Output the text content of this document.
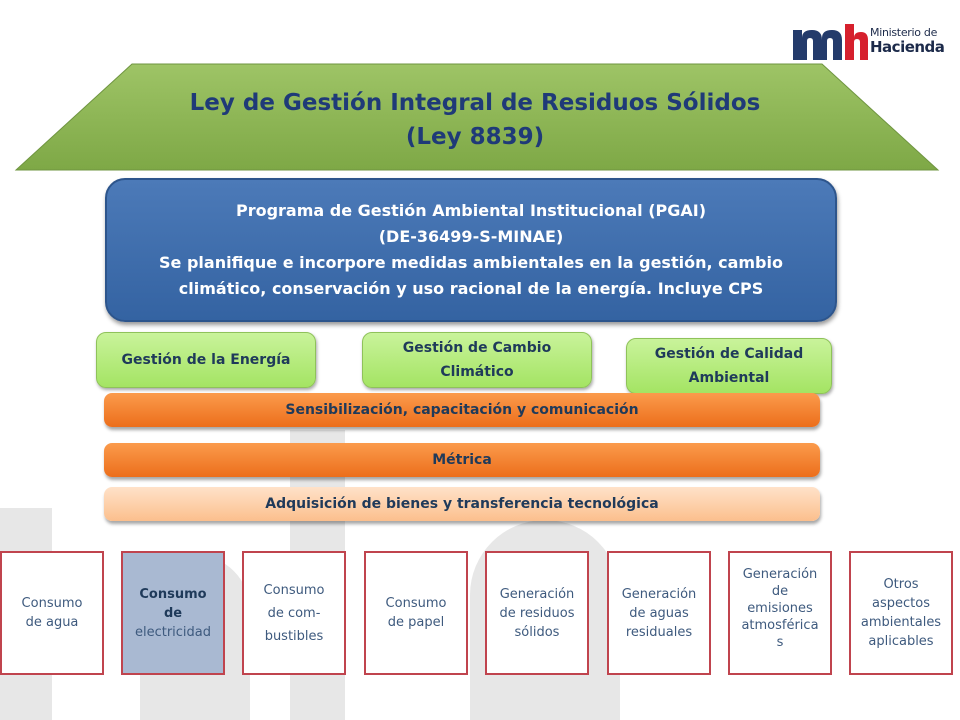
Ministerio de
Hacienda
Ley de Gestión Integral de Residuos Sólidos
(Ley 8839)
Programa de Gestión Ambiental Institucional (PGAI)
(DE-36499-S-MINAE)
Se planifique e incorpore medidas ambientales en la gestión, cambio
climático, conservación y uso racional de la energía. Incluye CPS
Gestión de la Energía
Gestión de Cambio
Climático
Gestión de Calidad
Ambiental
Sensibilización, capacitación y comunicación
Métrica
Adquisición de bienes y transferencia tecnológica
Consumo
de agua
Consumo
de
electricidad
Consumo
de com-
bustibles
Consumo
de papel
Generación
de residuos
sólidos
Generación
de aguas
residuales
Generación
de
emisiones
atmosférica
s
Otros
aspectos
ambientales
aplicables
